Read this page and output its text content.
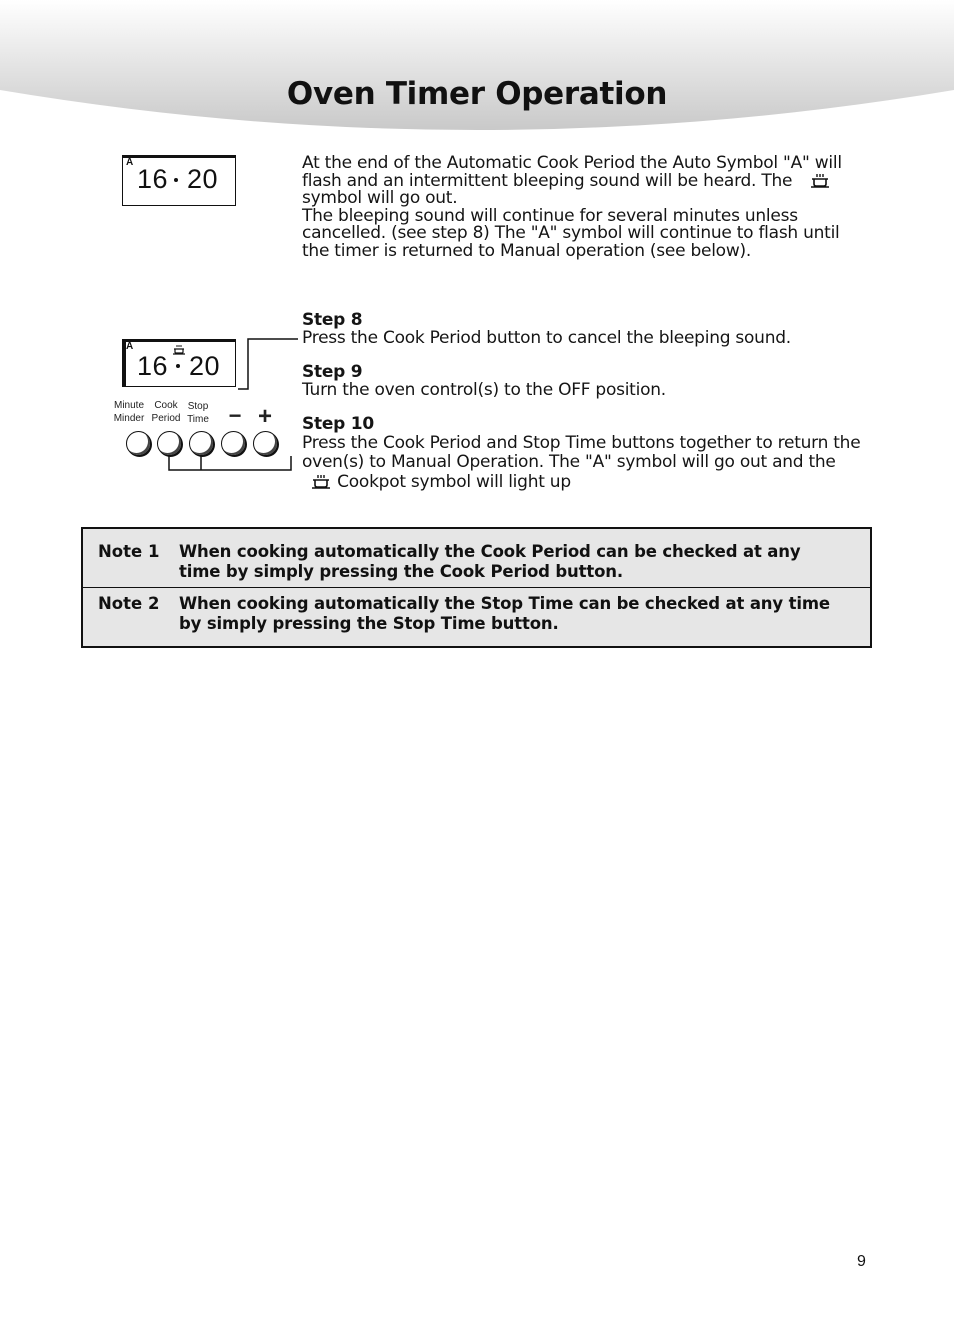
Oven Timer Operation
A
16 20

At the end of the Automatic Cook Period the Auto Symbol "A" will flash and an intermittent bleeping sound will be heard. The  symbol will go out.

The bleeping sound will continue for several minutes unless cancelled. (see step 8) The "A" symbol will continue to flash until the timer is returned to Manual operation (see below).

A
16 20
Minute
Minder
Cook
Period
Stop
Time − +

Step 8
Press the Cook Period button to cancel the bleeping sound.

Step 9
Turn the oven control(s) to the OFF position.

Step 10
Press the Cook Period and Stop Time buttons together to return the oven(s) to Manual Operation. The "A" symbol will go out and the  Cookpot symbol will light up

Note 1 When cooking automatically the Cook Period can be checked at any time by simply pressing the Cook Period button.
Note 2 When cooking automatically the Stop Time can be checked at any time by simply pressing the Stop Time button.
9
